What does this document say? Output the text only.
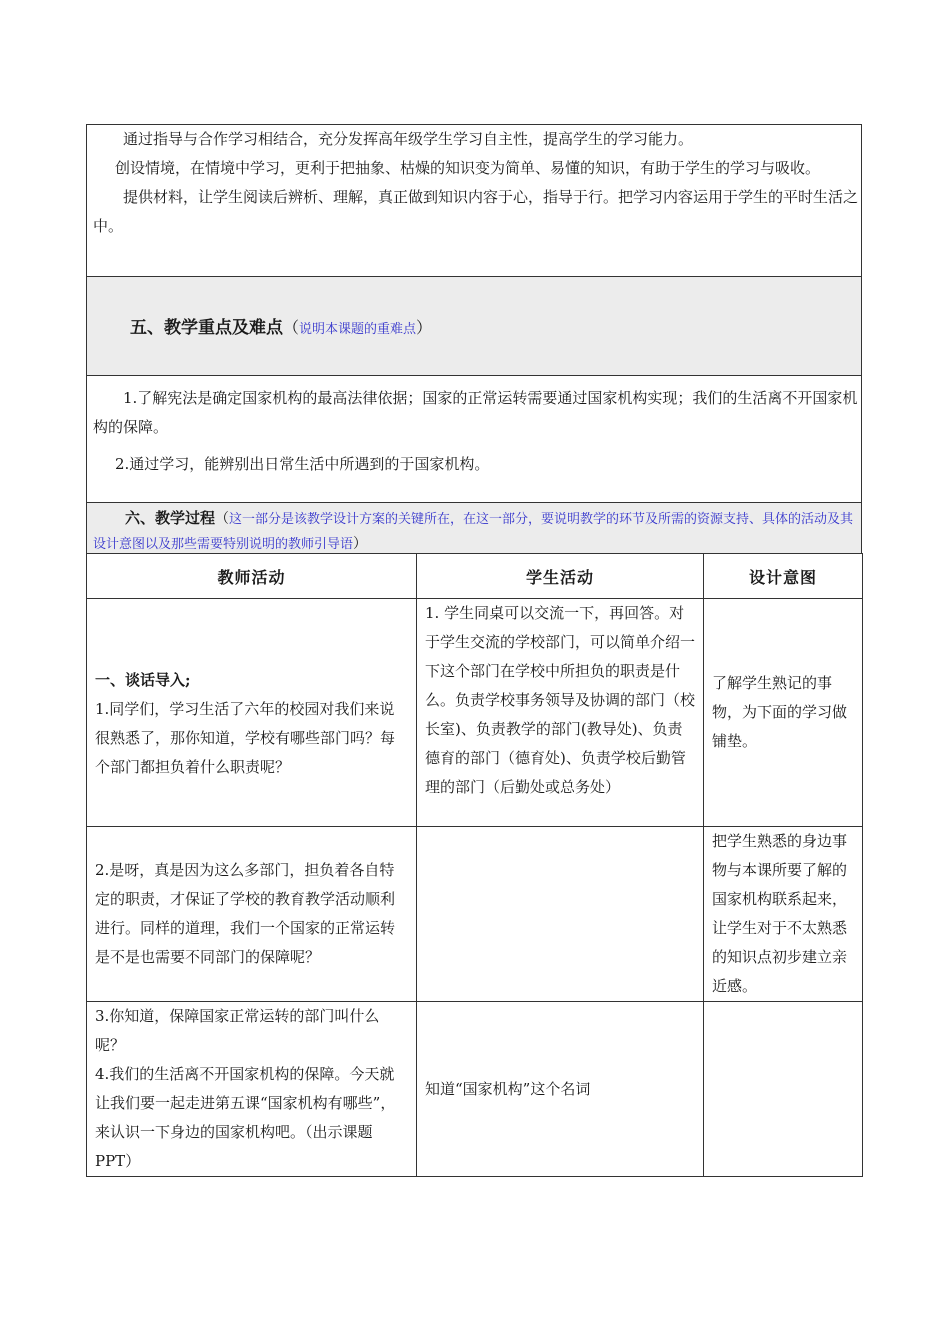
通过指导与合作学习相结合，充分发挥高年级学生学习自主性，提高学生的学习能力。

创设情境，在情境中学习，更利于把抽象、枯燥的知识变为简单、易懂的知识，有助于学生的学习与吸收。

提供材料，让学生阅读后辨析、理解，真正做到知识内容于心，指导于行。把学习内容运用于学生的平时生活之中。

五、教学重点及难点（说明本课题的重难点）

1.了解宪法是确定国家机构的最高法律依据；国家的正常运转需要通过国家机构实现；我们的生活离不开国家机构的保障。

2.通过学习，能辨别出日常生活中所遇到的于国家机构。

六、教学过程（这一部分是该教学设计方案的关键所在，在这一部分，要说明教学的环节及所需的资源支持、具体的活动及其设计意图以及那些需要特别说明的教师引导语）
教师活动	学生活动	设计意图

一、谈话导入;
1.同学们，学习生活了六年的校园对我们来说很熟悉了，那你知道，学校有哪些部门吗？每个部门都担负着什么职责呢？	1. 学生同桌可以交流一下，再回答。对于学生交流的学校部门，可以简单介绍一下这个部门在学校中所担负的职责是什么。负责学校事务领导及协调的部门（校长室)、负责教学的部门(教导处)、负责德育的部门（德育处)、负责学校后勤管理的部门（后勤处或总务处）	了解学生熟记的事物，为下面的学习做铺垫。

2.是呀，真是因为这么多部门，担负着各自特定的职责，才保证了学校的教育教学活动顺利进行。同样的道理，我们一个国家的正常运转是不是也需要不同部门的保障呢？		把学生熟悉的身边事物与本课所要了解的国家机构联系起来，让学生对于不太熟悉的知识点初步建立亲近感。

3.你知道，保障国家正常运转的部门叫什么呢？
4.我们的生活离不开国家机构的保障。今天就让我们要一起走进第五课“国家机构有哪些”，来认识一下身边的国家机构吧。（出示课题 PPT）	知道“国家机构”这个名词	
